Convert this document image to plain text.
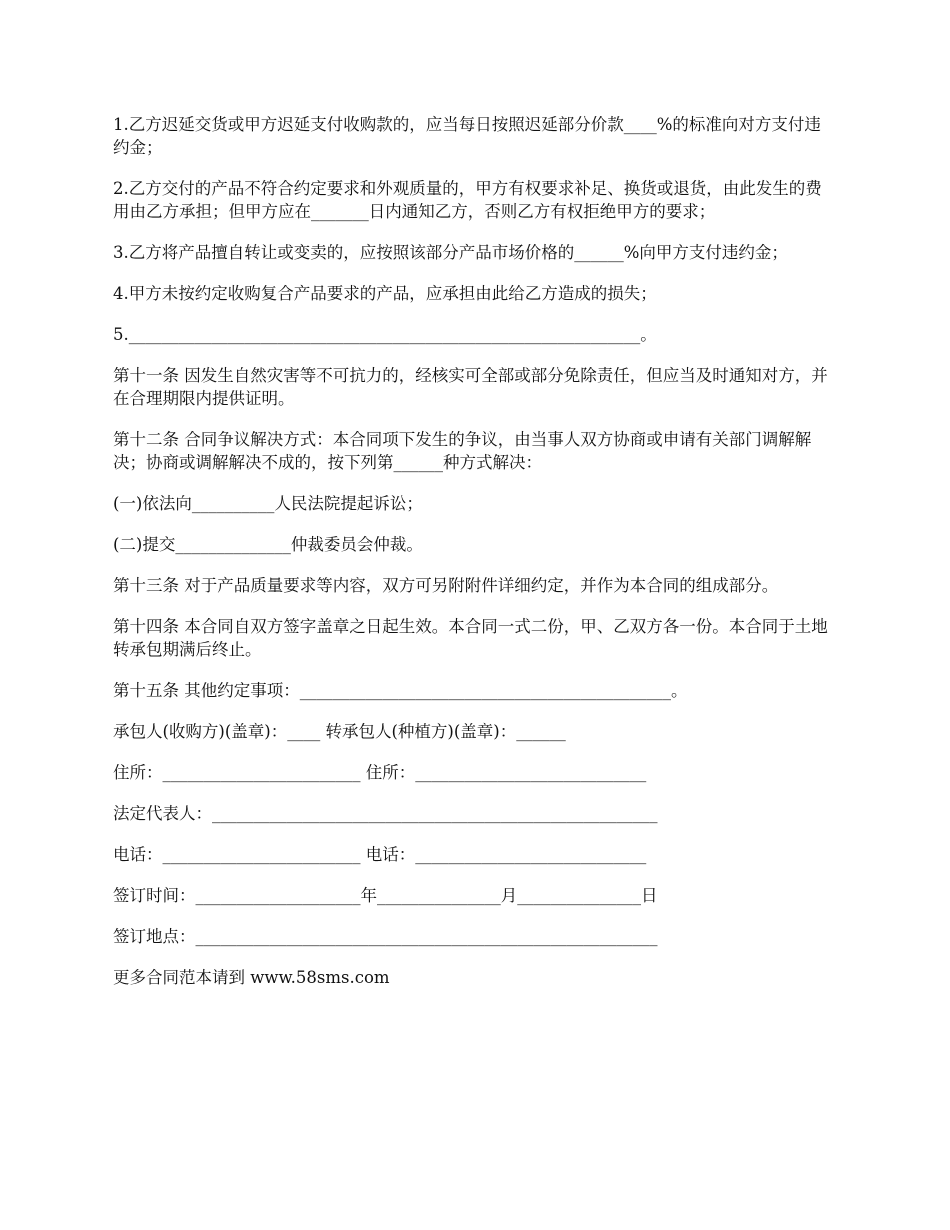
1.乙方迟延交货或甲方迟延支付收购款的，应当每日按照迟延部分价款____%的标准向对方支付违约金；

2.乙方交付的产品不符合约定要求和外观质量的，甲方有权要求补足、换货或退货，由此发生的费用由乙方承担；但甲方应在_______日内通知乙方，否则乙方有权拒绝甲方的要求；

3.乙方将产品擅自转让或变卖的，应按照该部分产品市场价格的______%向甲方支付违约金；

4.甲方未按约定收购复合产品要求的产品，应承担由此给乙方造成的损失；

5.______________________________________________________________。

第十一条 因发生自然灾害等不可抗力的，经核实可全部或部分免除责任，但应当及时通知对方，并在合理期限内提供证明。

第十二条 合同争议解决方式：本合同项下发生的争议，由当事人双方协商或申请有关部门调解解决；协商或调解解决不成的，按下列第______种方式解决：

(一)依法向__________人民法院提起诉讼；

(二)提交______________仲裁委员会仲裁。

第十三条 对于产品质量要求等内容，双方可另附附件详细约定，并作为本合同的组成部分。

第十四条 本合同自双方签字盖章之日起生效。本合同一式二份，甲、乙双方各一份。本合同于土地转承包期满后终止。

第十五条 其他约定事项：_____________________________________________。

承包人(收购方)(盖章)：____ 转承包人(种植方)(盖章)：______

住所：________________________ 住所：____________________________

法定代表人：______________________________________________________

电话：________________________ 电话：____________________________

签订时间：____________________年_______________月_______________日

签订地点：________________________________________________________

更多合同范本请到 www.58sms.com
